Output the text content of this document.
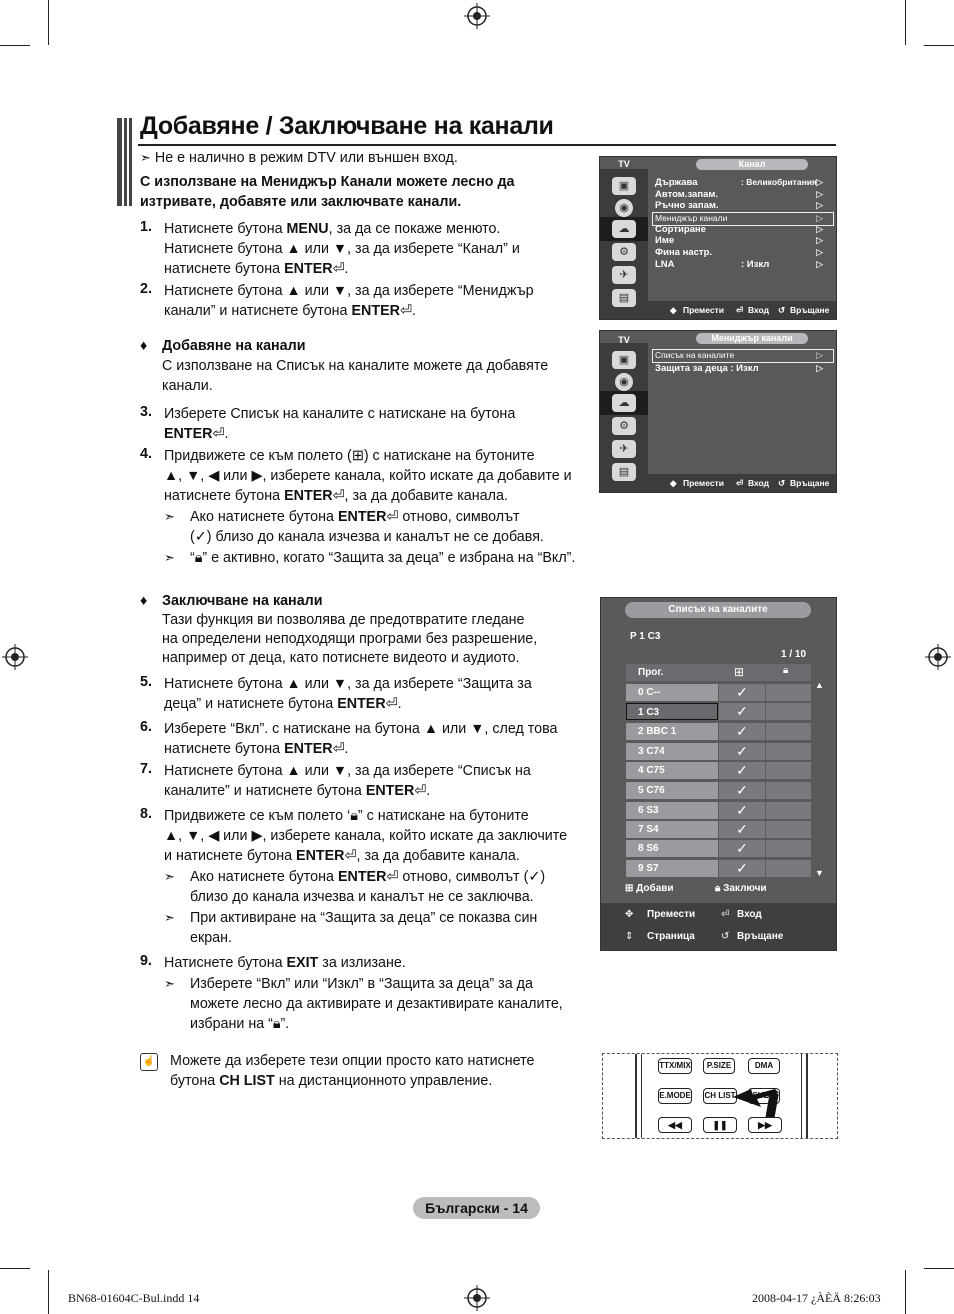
Добавяне / Заключване на канали
➣ Не е налично в режим DTV или външен вход.
С използване на Мениджър Канали можете лесно да
изтривате, добавяте или заключвате канали.
1. Натиснете бутона MENU, за да се покаже менюто.
Натиснете бутона ▲ или ▼, за да изберете “Канал” и
натиснете бутона ENTER⏎.
2. Натиснете бутона ▲ или ▼, за да изберете “Мениджър
канали” и натиснете бутона ENTER⏎.
♦ Добавяне на канали
С използване на Списък на каналите можете да добавяте
канали.
3. Изберете Списък на каналите с натискане на бутона
ENTER⏎.
4. Придвижете се към полето (⊞) с натискане на бутоните
▲, ▼, ◀ или ▶, изберете канала, който искате да добавите и
натиснете бутона ENTER⏎, за да добавите канала.
➣ Ако натиснете бутона ENTER⏎ отново, символът
(✓) близо до канала изчезва и каналът не се добавя.
➣ “🔒︎” е активно, когато “Защита за деца” е избрана на “Вкл”.
♦ Заключване на канали
Тази функция ви позволява де предотвратите гледане
на определени неподходящи програми без разрешение,
например от деца, като потиснете видеото и аудиото.
5. Натиснете бутона ▲ или ▼, за да изберете “Защита за
деца” и натиснете бутона ENTER⏎.
6. Изберете “Вкл”. с натискане на бутона ▲ или ▼, след това
натиснете бутона ENTER⏎.
7. Натиснете бутона ▲ или ▼, за да изберете “Списък на
каналите” и натиснете бутона ENTER⏎.
8. Придвижете се към полето ‘🔒︎” с натискане на бутоните
▲, ▼, ◀ или ▶, изберете канала, който искате да заключите
и натиснете бутона ENTER⏎, за да добавите канала.
➣ Ако натиснете бутона ENTER⏎ отново, символът (✓)
близо до канала изчезва и каналът не се заключва.
➣ При активиране на “Защита за деца” се показва син
екран.
9. Натиснете бутона EXIT за излизане.
➣ Изберете “Вкл” или “Изкл” в “Защита за деца” за да
можете лесно да активирате и дезактивирате каналите,
избрани на “🔒︎”.
☝ Можете да изберете тези опции просто като натиснете
бутона CH LIST на дистанционното управление.
TV
▣
◉
☁
⚙
✈
▤
Канал
Държава	: Великобритания ▷
Автом.запам.	▷
Ръчно запам.	▷
Мениджър канали	▷
Сортиране	▷
Име	▷
Фина настр.	▷
LNA	: Изкл	▷
◆ Премести ⏎ Вход ↺ Връщане
TV
▣
◉
☁
⚙
✈
▤
Мениджър канали
Списък на каналите	▷
Защита за деца : Изкл	▷
◆ Премести ⏎ Вход ↺ Връщане
Списък на каналите
P 1 C3
1 / 10
Прог.	⊞	🔒︎
▲
▼
0 C--	✓
1 C3	✓
2 BBC 1	✓
3 C74	✓
4 C75	✓
5 C76	✓
6 S3	✓
7 S4	✓
8 S6	✓
9 S7	✓
⊞ Добави	🔒︎ Заключи
✥ Премести	⏎ Вход
⇕ Страница	↺ Връщане
TTX/MIX	P.SIZE	DMA
E.MODE CH LIST
◀◀	❚❚	▶▶
Български - 14
BN68-01604C-Bul.indd 14	2008-04-17 ¿ÀÈÄ 8:26:03
